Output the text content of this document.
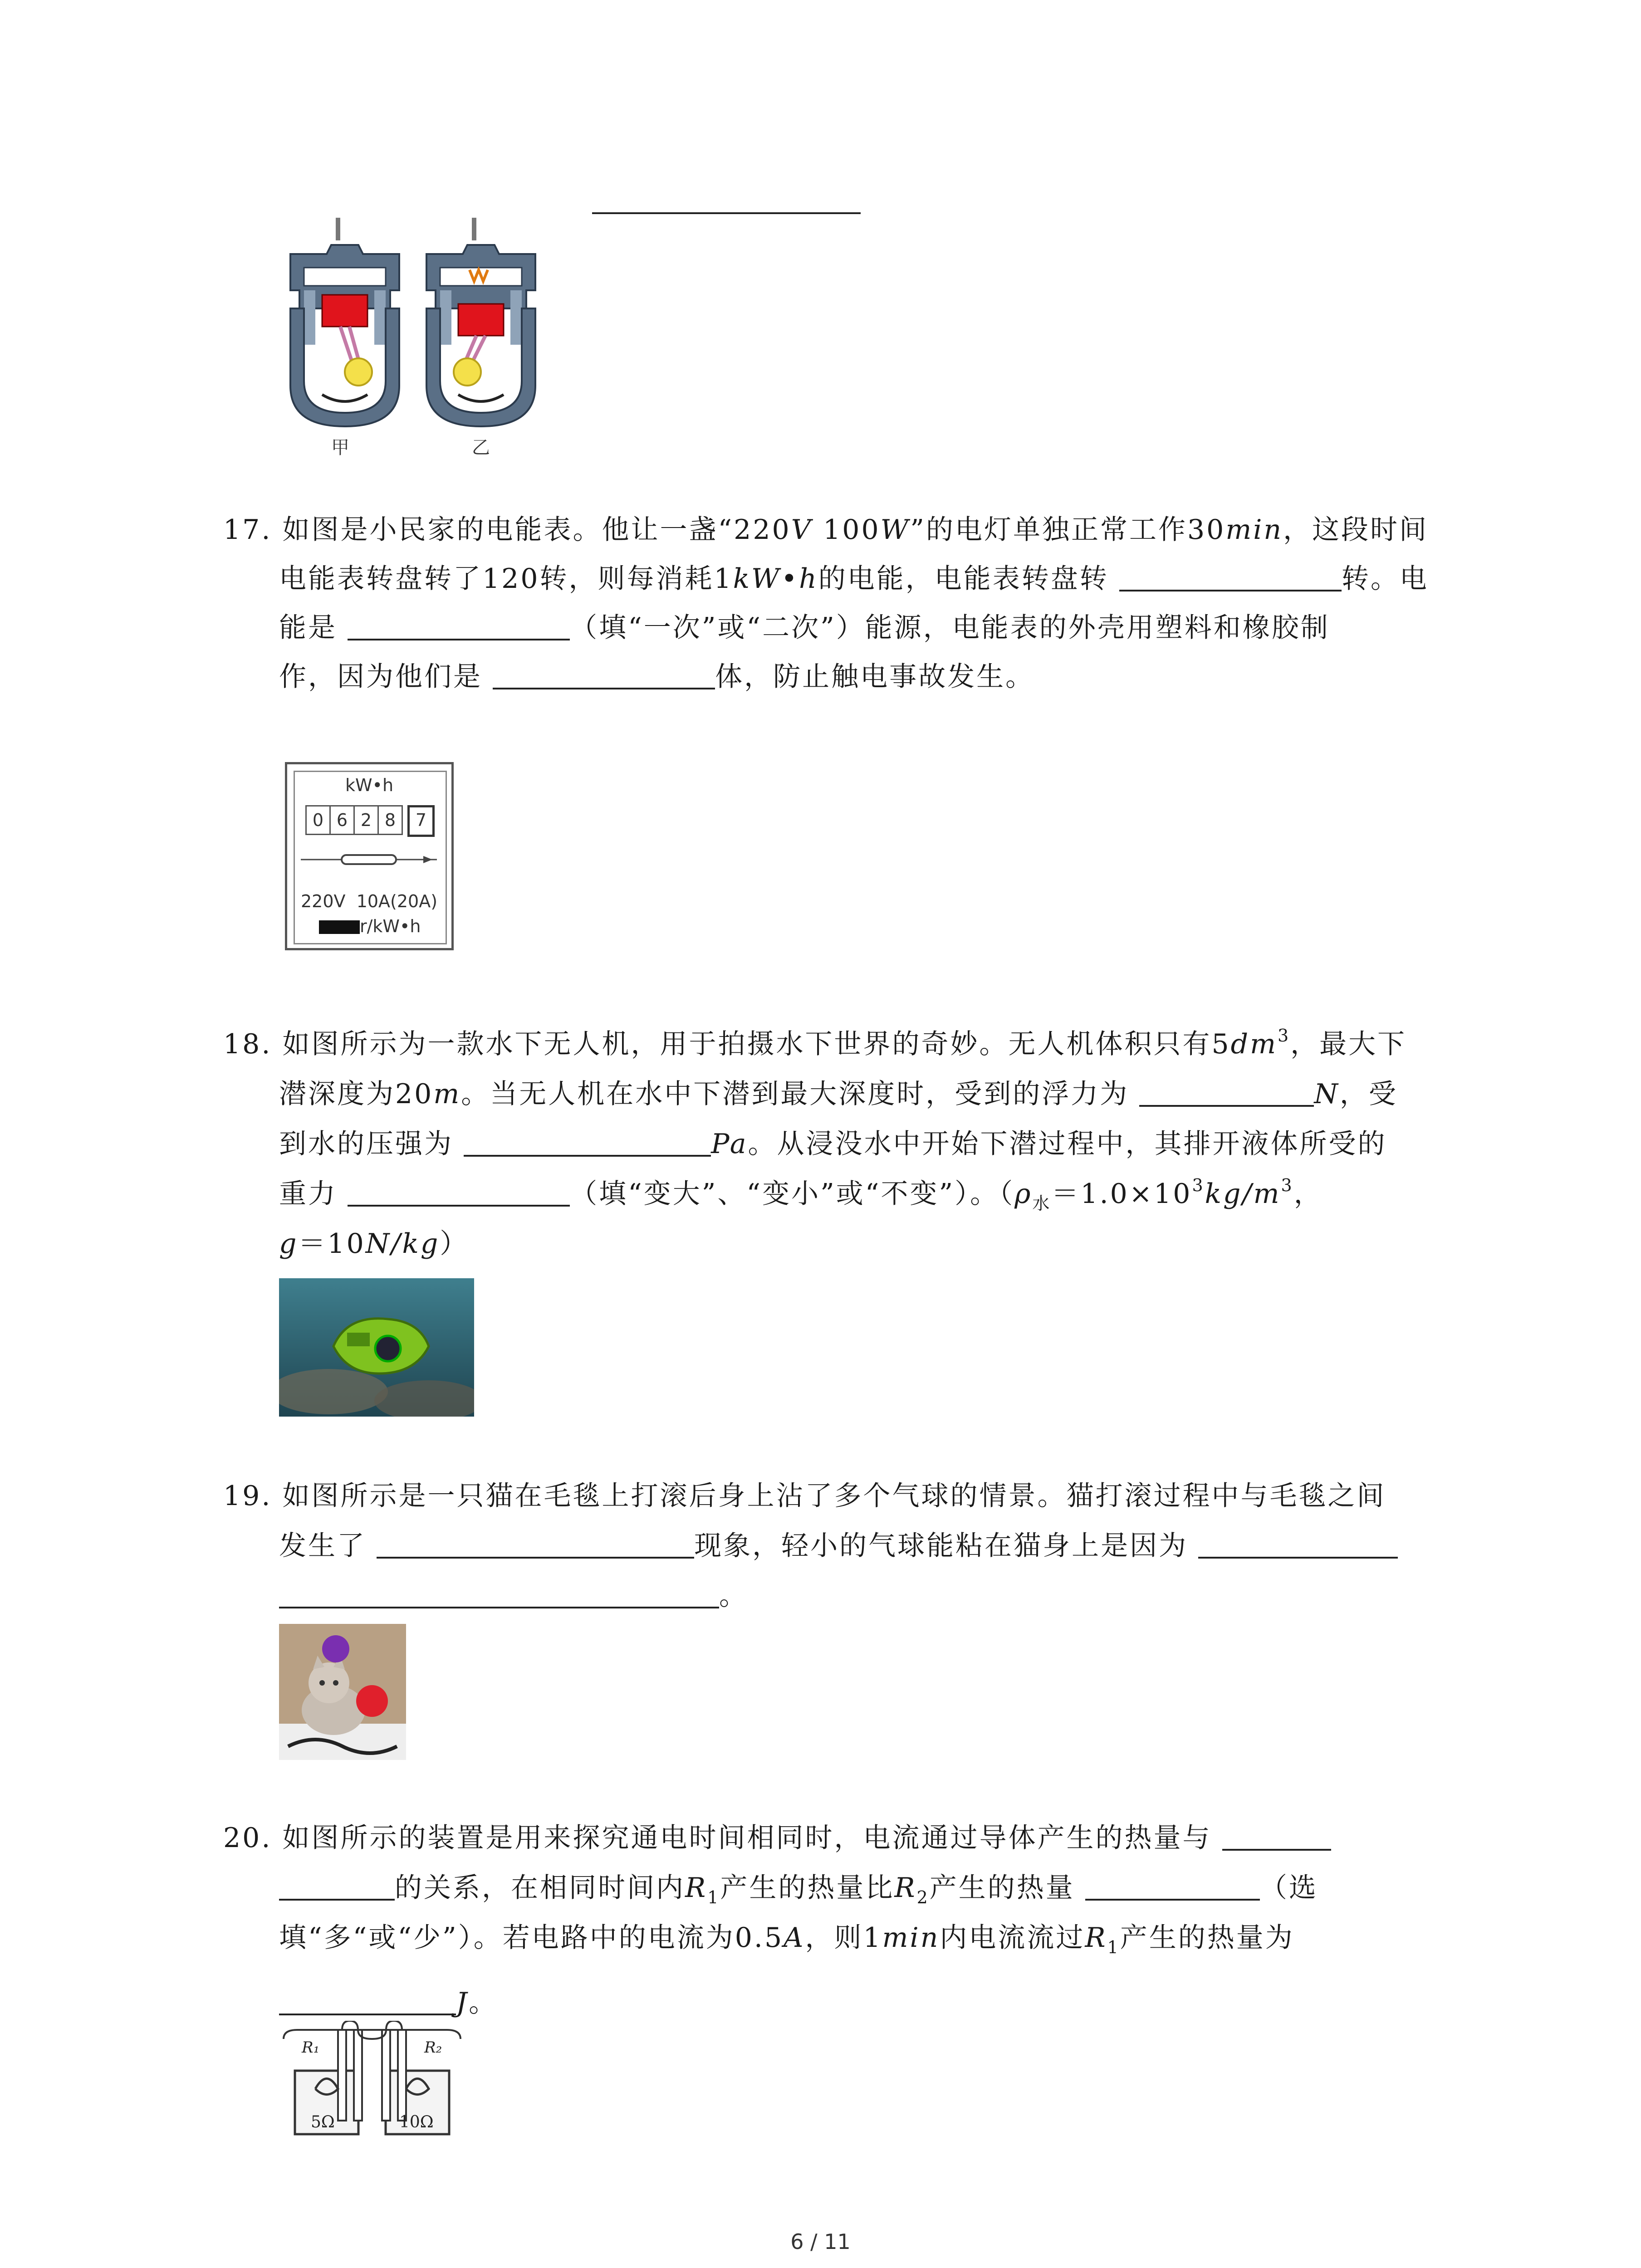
甲	乙
17. 如图是小民家的电能表。他让一盏“220V 100W”的电灯单独正常工作30min，这段时间
电能表转盘转了120转，则每消耗1kW•h的电能，电能表转盘转	转。电
能是	（填“一次”或“二次”）能源，电能表的外壳用塑料和橡胶制
作，因为他们是	体，防止触电事故发生。
kW•h
0 6 2 8	7
220V 10A(20A)
r/kW•h
18. 如图所示为一款水下无人机，用于拍摄水下世界的奇妙。无人机体积只有$5dm^3$，最大下
潜深度为20m。当无人机在水中下潜到最大深度时，受到的浮力为	N，受
到水的压强为	Pa。从浸没水中开始下潜过程中，其排开液体所受的
重力	（填“变大”、“变小”或“不变”）。（$\rho_水=1.0\times 10^3kg/m^3$，
g＝10N/kg）
19. 如图所示是一只猫在毛毯上打滚后身上沾了多个气球的情景。猫打滚过程中与毛毯之间
发生了	现象，轻小的气球能粘在猫身上是因为
。
20. 如图所示的装置是用来探究通电时间相同时，电流通过导体产生的热量与
的关系，在相同时间内$R_1$产生的热量比$R_2$产生的热量	（选
填“多“或“少”）。若电路中的电流为0.5A，则1min内电流流过$R_1$产生的热量为
J。
R₁	R₂
5Ω	10Ω
6 / 11
